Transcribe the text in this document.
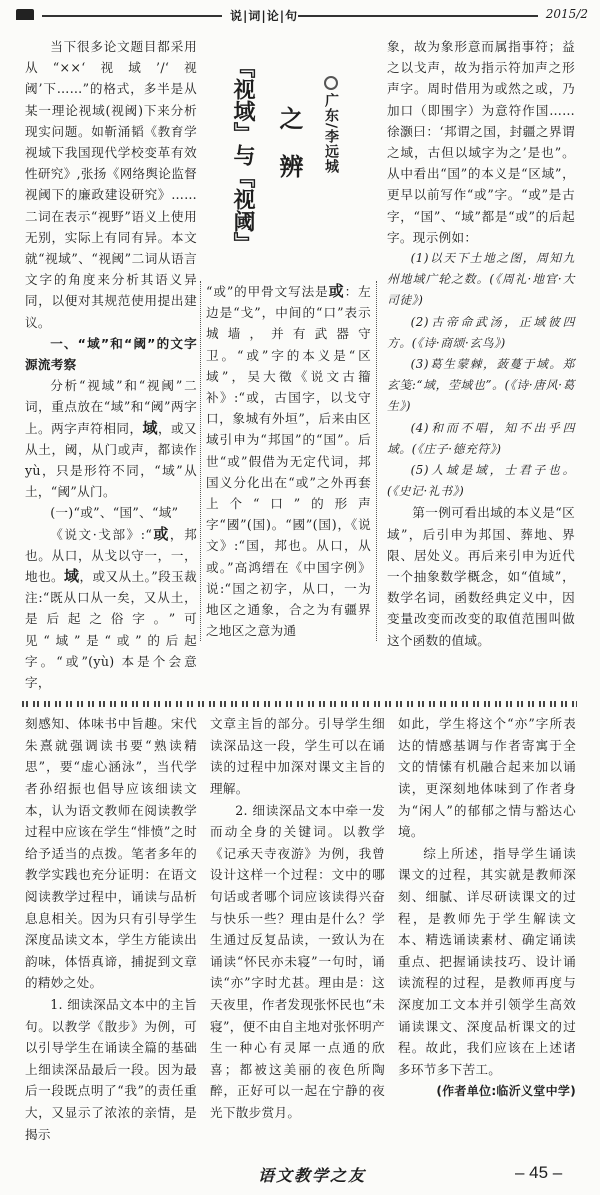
说|词|论|句	2015/2

当下很多论文题目都采用从“××‘视域’/‘视阈’下……”的格式，多半是从某一理论视域(视阈)下来分析现实问题。如靳涌韬《教育学视域下我国现代学校变革有效性研究》,张扬《网络舆论监督视阈下的廉政建设研究》……二词在表示“视野”语义上使用无别，实际上有同有异。本文就“视域”、“视阈”二词从语言文字的角度来分析其语义异同，以便对其规范使用提出建议。

一、“域”和“阈”的文字源流考察

分析“视域”和“视阈”二词，重点放在“域”和“阈”两字上。两字声符相同，域，或又从土，阈，从门或声，都读作 yù，只是形符不同，“域”从土，“阈”从门。

(一)“或”、“国”、“域”

《说文·戈部》:“或，邦也。从口，从戈以守一，一，地也。域，或又从土。”段玉裁注:“既从口从一矣，又从土，是后起之俗字。”可见“域”是“或”的后起字。“或”(yù) 本是个会意字，

『视域』与『视阈』 之辨 广东/李远城

“或”的甲骨文写法是或：左边是“戈”，中间的“口”表示城墙，并有武器守卫。“或”字的本义是“区域”，吴大徵《说文古籀补》:“或，古国字，以戈守口，象城有外垣”，后来由区域引申为“邦国”的“国”。后世“或”假借为无定代词，邦国义分化出在“或”之外再套上个“口”的形声字“國”(国)。“國”(国)，《说文》:“国，邦也。从口，从或。”高鸿缙在《中国字例》说:“国之初字，从口，一为地区之通象，合之为有疆界之地区之意为通

象，故为象形意而属指事符；益之以戈声，故为指示符加声之形声字。周时借用为或然之或，乃加口（即围字）为意符作国……徐灏曰：‘邦谓之国，封疆之界谓之域，古但以域字为之’是也”。从中看出“国”的本义是“区域”，更早以前写作“或”字。“或”是古字，“国”、“域”都是“或”的后起字。现示例如：

(1)以天下土地之图，周知九州地域广轮之数。(《周礼·地官·大司徒》)

(2)古帝命武汤，正域彼四方。(《诗·商颂·玄鸟》)

(3)葛生蒙棘，蔹蔓于域。郑玄笺:“域，茔域也”。(《诗·唐风·葛生》)

(4)和而不唱，知不出乎四域。(《庄子·德充符》)

(5)人域是域，士君子也。(《史记·礼书》)

第一例可看出域的本义是“区域”，后引申为邦国、葬地、界限、居处义。再后来引申为近代一个抽象数学概念，如“值域”，数学名词，函数经典定义中，因变量改变而改变的取值范围叫做这个函数的值域。

刻感知、体味书中旨趣。宋代朱熹就强调读书要“熟读精思”，要“虚心涵泳”，当代学者孙绍振也倡导应该细读文本，认为语文教师在阅读教学过程中应该在学生“悱愤”之时给予适当的点拨。笔者多年的教学实践也充分证明：在语文阅读教学过程中，诵读与品析息息相关。因为只有引导学生深度品读文本，学生方能读出韵味，体悟真谛，捕捉到文章的精妙之处。

1. 细读深品文本中的主旨句。以教学《散步》为例，可以引导学生在诵读全篇的基础上细读深品最后一段。因为最后一段既点明了“我”的责任重大，又显示了浓浓的亲情，是揭示

文章主旨的部分。引导学生细读深品这一段，学生可以在诵读的过程中加深对课文主旨的理解。

2. 细读深品文本中牵一发而动全身的关键词。以教学《记承天寺夜游》为例，我曾设计这样一个过程：文中的哪句话或者哪个词应该读得兴奋与快乐一些？理由是什么？学生通过反复品读，一致认为在诵读“怀民亦未寝”一句时，诵读“亦”字时尤甚。理由是：这天夜里，作者发现张怀民也“未寝”，便不由自主地对张怀明产生一种心有灵犀一点通的欣喜；都被这美丽的夜色所陶醉，正好可以一起在宁静的夜光下散步赏月。

如此，学生将这个“亦”字所表达的情感基调与作者寄寓于全文的情愫有机融合起来加以诵读，更深刻地体味到了作者身为“闲人”的郁郁之情与豁达心境。

综上所述，指导学生诵读课文的过程，其实就是教师深刻、细腻、详尽研读课文的过程，是教师先于学生解读文本、精选诵读素材、确定诵读重点、把握诵读技巧、设计诵读流程的过程，是教师再度与深度加工文本并引领学生高效诵读课文、深度品析课文的过程。故此，我们应该在上述诸多环节多下苦工。

(作者单位:临沂义堂中学)
语文教学之友	– 45 –
